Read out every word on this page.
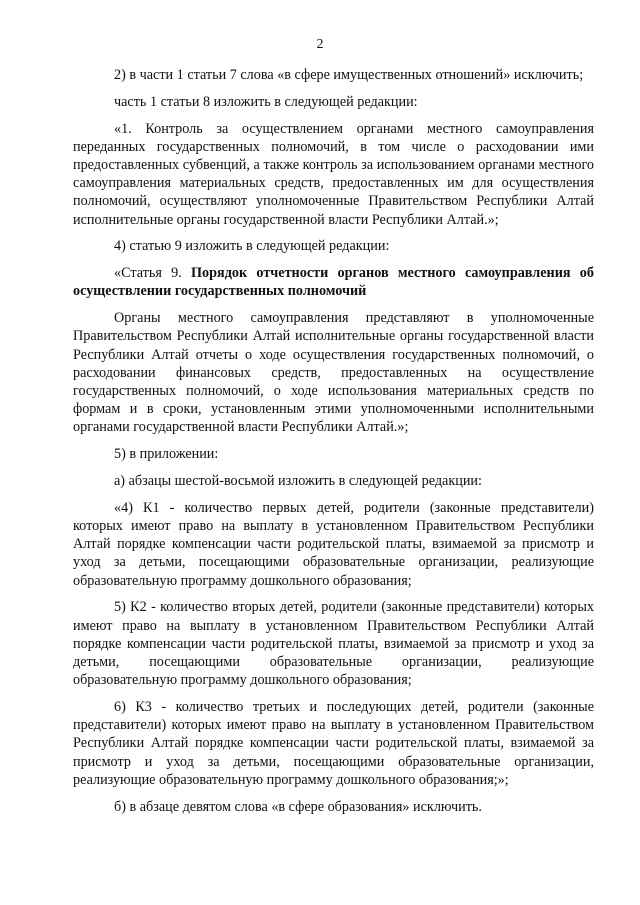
2

2) в части 1 статьи 7 слова «в сфере имущественных отношений» исключить;

часть 1 статьи 8 изложить в следующей редакции:

«1. Контроль за осуществлением органами местного самоуправления переданных государственных полномочий, в том числе о расходовании ими предоставленных субвенций, а также контроль за использованием органами местного самоуправления материальных средств, предоставленных им для осуществления полномочий, осуществляют уполномоченные Правительством Республики Алтай исполнительные органы государственной власти Республики Алтай.»;

4) статью 9 изложить в следующей редакции:

«Статья 9. Порядок отчетности органов местного самоуправления об осуществлении государственных полномочий

Органы местного самоуправления представляют в уполномоченные Правительством Республики Алтай исполнительные органы государственной власти Республики Алтай отчеты о ходе осуществления государственных полномочий, о расходовании финансовых средств, предоставленных на осуществление государственных полномочий, о ходе использования материальных средств по формам и в сроки, установленным этими уполномоченными исполнительными органами государственной власти Республики Алтай.»;

5) в приложении:

а) абзацы шестой-восьмой изложить в следующей редакции:

«4) К1 - количество первых детей, родители (законные представители) которых имеют право на выплату в установленном Правительством Республики Алтай порядке компенсации части родительской платы, взимаемой за присмотр и уход за детьми, посещающими образовательные организации, реализующие образовательную программу дошкольного образования;

5) К2 - количество вторых детей, родители (законные представители) которых имеют право на выплату в установленном Правительством Республики Алтай порядке компенсации части родительской платы, взимаемой за присмотр и уход за детьми, посещающими образовательные организации, реализующие образовательную программу дошкольного образования;

6) К3 - количество третьих и последующих детей, родители (законные представители) которых имеют право на выплату в установленном Правительством Республики Алтай порядке компенсации части родительской платы, взимаемой за присмотр и уход за детьми, посещающими образовательные организации, реализующие образовательную программу дошкольного образования;»;

б) в абзаце девятом слова «в сфере образования» исключить.
